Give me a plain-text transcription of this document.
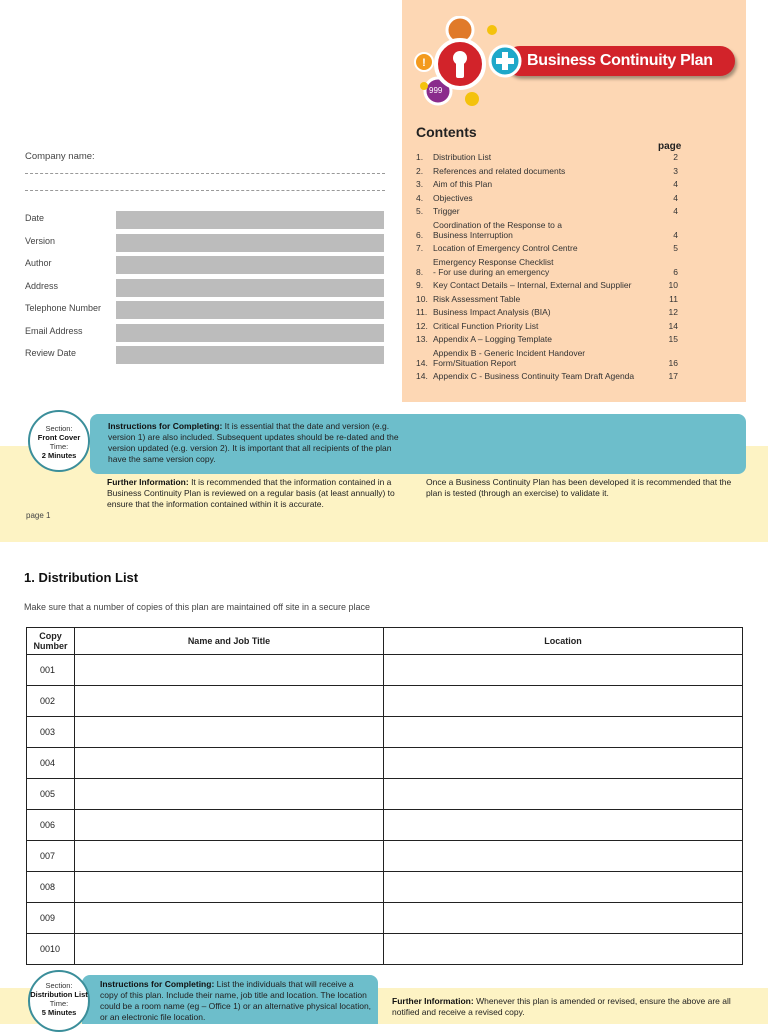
!
999
Business Continuity Plan
Contents
page
1.	Distribution List	2
2.	References and related documents	3
3.	Aim of this Plan	4
4.	Objectives	4
5.	Trigger	4
6.
Coordination of the Response to a
Business Interruption	4
7.	Location of Emergency Control Centre	5
8.
Emergency Response Checklist
- For use during an emergency	6
9.	Key Contact Details – Internal, External and Supplier	10
10. Risk Assessment Table	11
11. Business Impact Analysis (BIA)	12
12. Critical Function Priority List	14
13. Appendix A – Logging Template	15
14.
Appendix B - Generic Incident Handover
Form/Situation Report	16
14. Appendix C - Business Continuity Team Draft Agenda	17
Company name:
Date
Version
Author
Address
Telephone Number
Email Address
Review Date
Instructions for Completing: It is essential that the date and version (e.g. version 1) are also included. Subsequent updates should be re-dated and the version updated (e.g. version 2). It is important that all recipients of the plan have the same version copy.
Section:
Front Cover
Time:
2 Minutes
Further Information: It is recommended that the information contained in a Business Continuity Plan is reviewed on a regular basis (at least annually) to ensure that the information contained within it is accurate.
Once a Business Continuity Plan has been developed it is recommended that the plan is tested (through an exercise) to validate it.
page 1
1. Distribution List
Make sure that a number of copies of this plan are maintained off site in a secure place
Copy Number	Name and Job Title	Location
001		
002		
003		
004		
005		
006		
007		
008		
009		
0010		
Instructions for Completing: List the individuals that will receive a copy of this plan. Include their name, job title and location. The location could be a room name (eg – Office 1) or an alternative physical location, or an electronic file location.
Section:
Distribution List
Time:
5 Minutes
Further Information: Whenever this plan is amended or revised, ensure the above are all notified and receive a revised copy.
